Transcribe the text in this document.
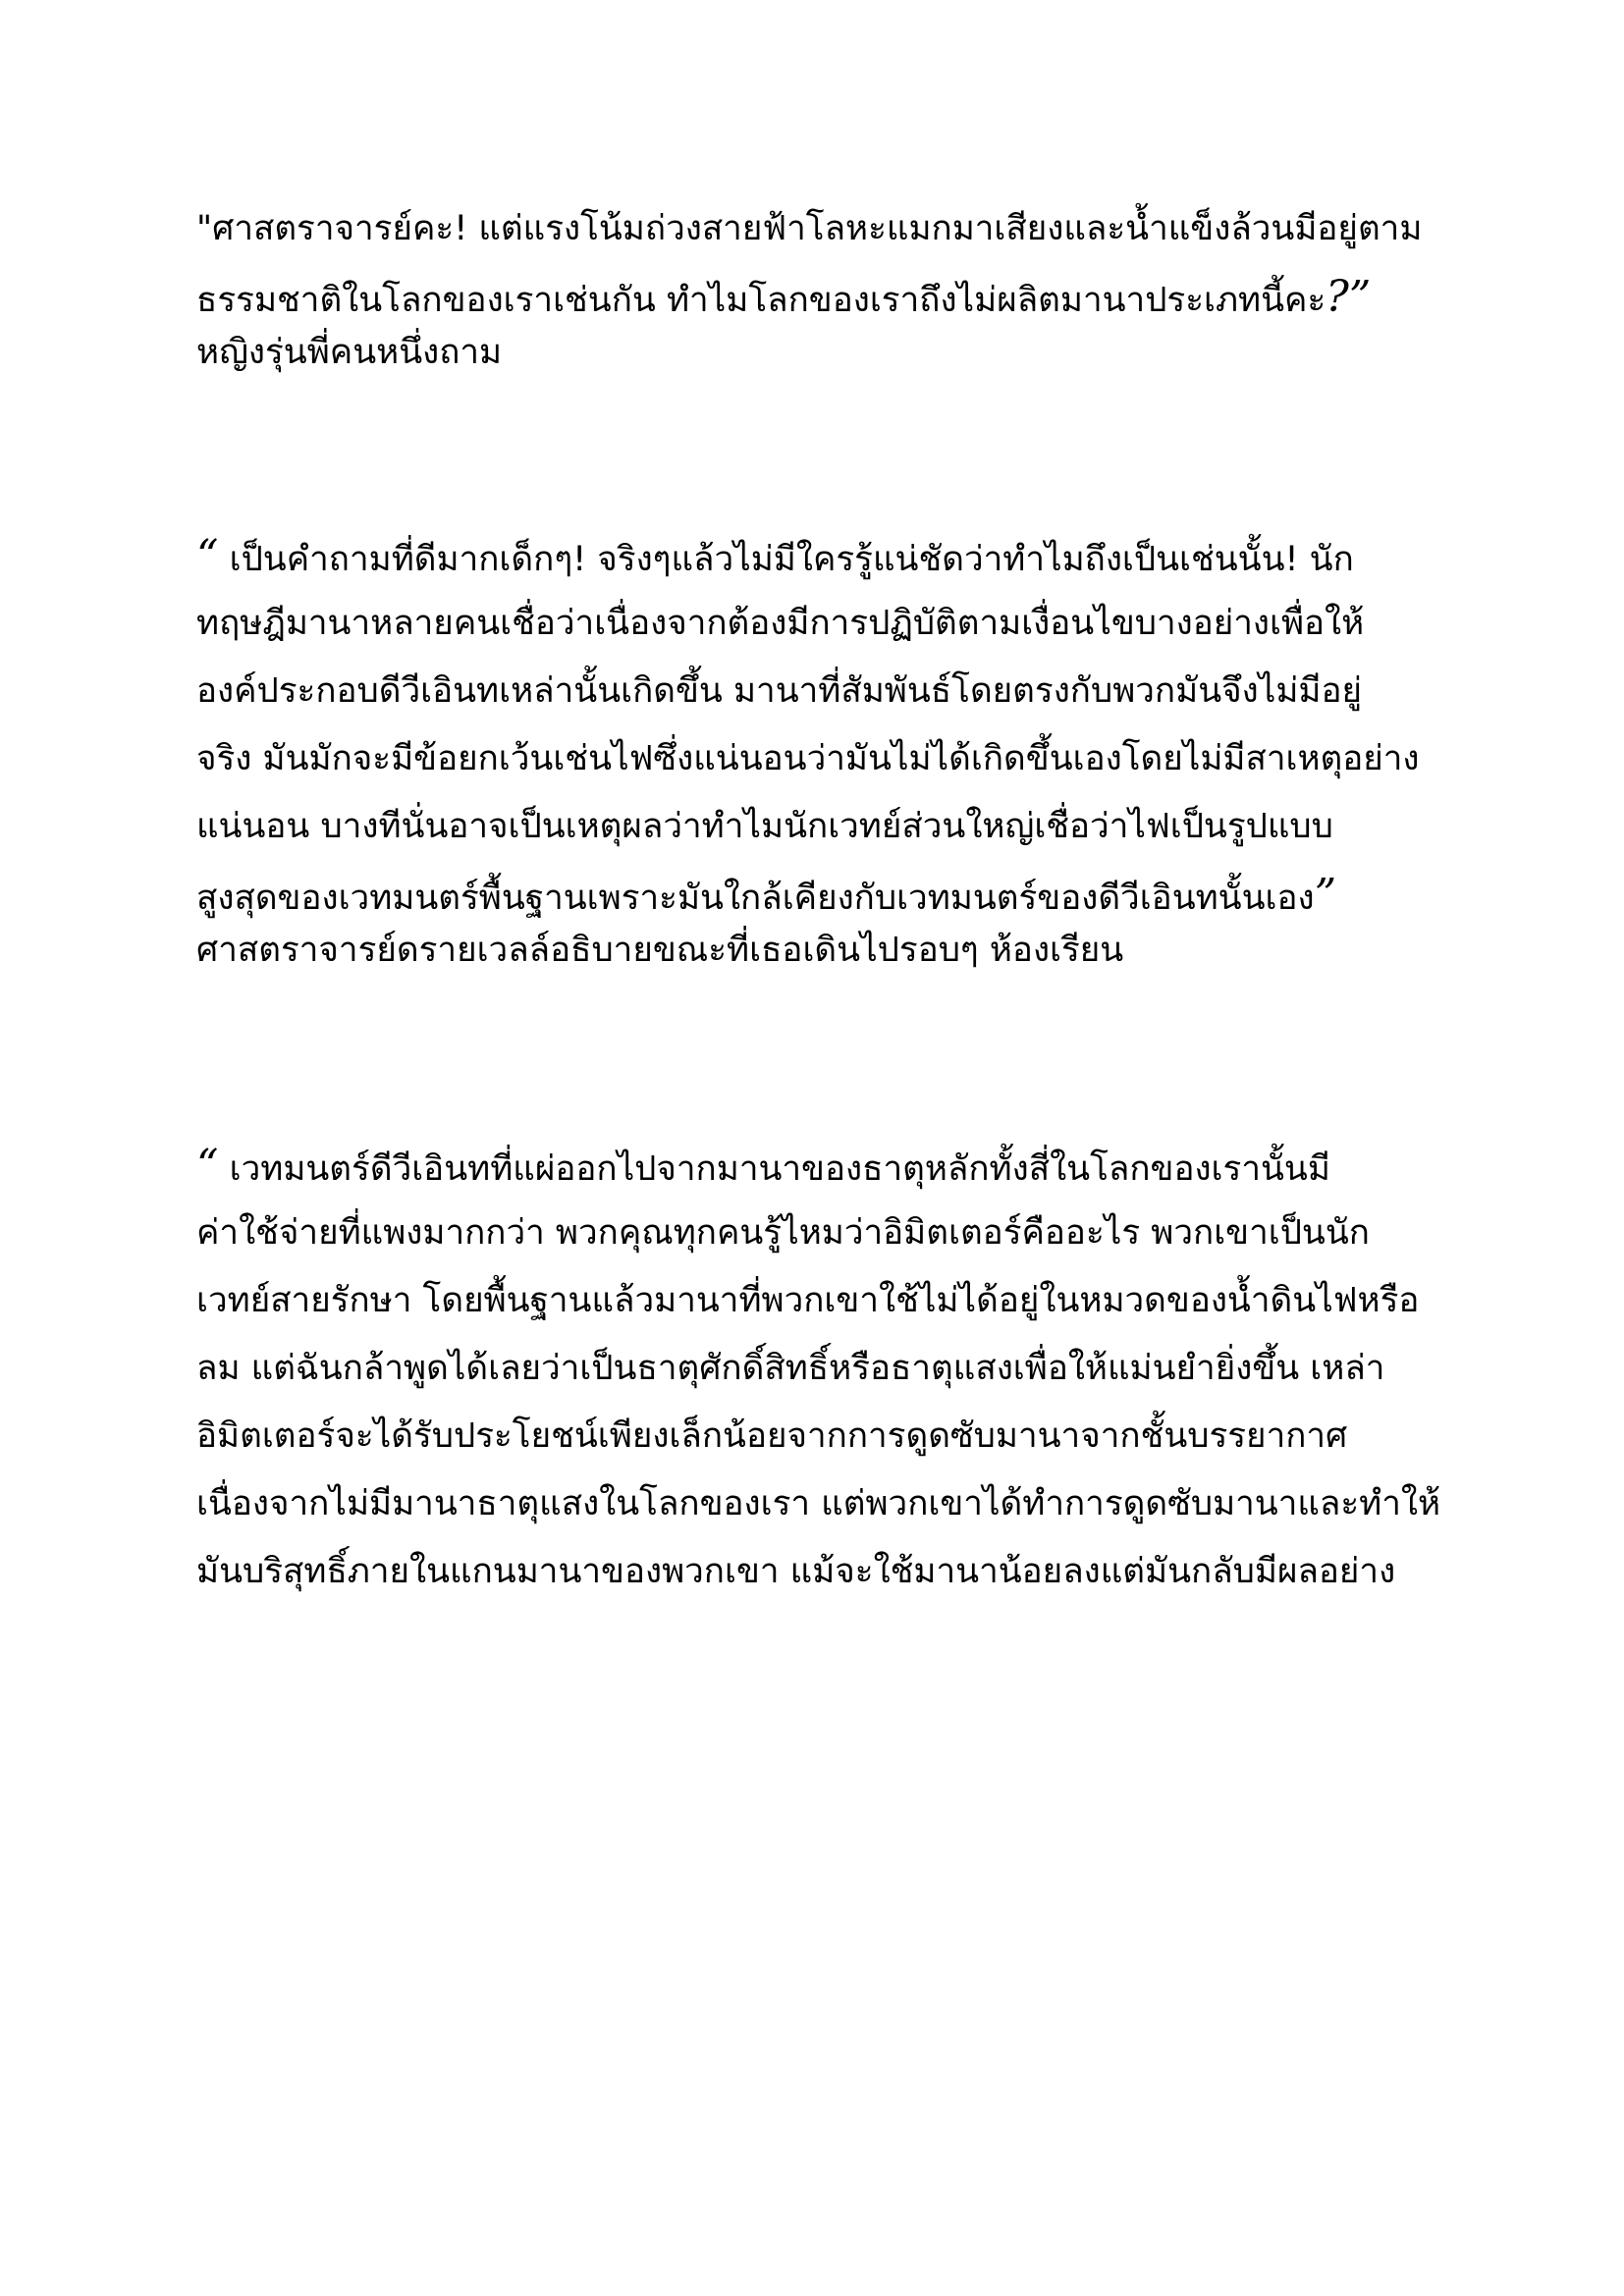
"ศาสตราจารย์คะ! แต่แรงโน้มถ่วงสายฟ้าโลหะแมกมาเสียงและน้ำแข็งล้วนมีอยู่ตาม
ธรรมชาติในโลกของเราเช่นกัน ทำไมโลกของเราถึงไม่ผลิตมานาประเภทนี้คะ?”
หญิงรุ่นพี่คนหนึ่งถาม
“ เป็นคำถามที่ดีมากเด็กๆ! จริงๆแล้วไม่มีใครรู้แน่ชัดว่าทำไมถึงเป็นเช่นนั้น! นัก
ทฤษฎีมานาหลายคนเชื่อว่าเนื่องจากต้องมีการปฏิบัติตามเงื่อนไขบางอย่างเพื่อให้
องค์ประกอบดีวีเอินทเหล่านั้นเกิดขึ้น มานาที่สัมพันธ์โดยตรงกับพวกมันจึงไม่มีอยู่
จริง มันมักจะมีข้อยกเว้นเช่นไฟซึ่งแน่นอนว่ามันไม่ได้เกิดขึ้นเองโดยไม่มีสาเหตุอย่าง
แน่นอน บางทีนั่นอาจเป็นเหตุผลว่าทำไมนักเวทย์ส่วนใหญ่เชื่อว่าไฟเป็นรูปแบบ
สูงสุดของเวทมนตร์พื้นฐานเพราะมันใกล้เคียงกับเวทมนตร์ของดีวีเอินทนั้นเอง”
ศาสตราจารย์ดรายเวลล์อธิบายขณะที่เธอเดินไปรอบๆ ห้องเรียน
“ เวทมนตร์ดีวีเอินทที่แผ่ออกไปจากมานาของธาตุหลักทั้งสี่ในโลกของเรานั้นมี
ค่าใช้จ่ายที่แพงมากกว่า พวกคุณทุกคนรู้ไหมว่าอิมิตเตอร์คืออะไร พวกเขาเป็นนัก
เวทย์สายรักษา โดยพื้นฐานแล้วมานาที่พวกเขาใช้ไม่ได้อยู่ในหมวดของน้ำดินไฟหรือ
ลม แต่ฉันกล้าพูดได้เลยว่าเป็นธาตุศักดิ์สิทธิ์หรือธาตุแสงเพื่อให้แม่นยำยิ่งขึ้น เหล่า
อิมิตเตอร์จะได้รับประโยชน์เพียงเล็กน้อยจากการดูดซับมานาจากชั้นบรรยากาศ
เนื่องจากไม่มีมานาธาตุแสงในโลกของเรา แต่พวกเขาได้ทำการดูดซับมานาและทำให้
มันบริสุทธิ์ภายในแกนมานาของพวกเขา แม้จะใช้มานาน้อยลงแต่มันกลับมีผลอย่าง
